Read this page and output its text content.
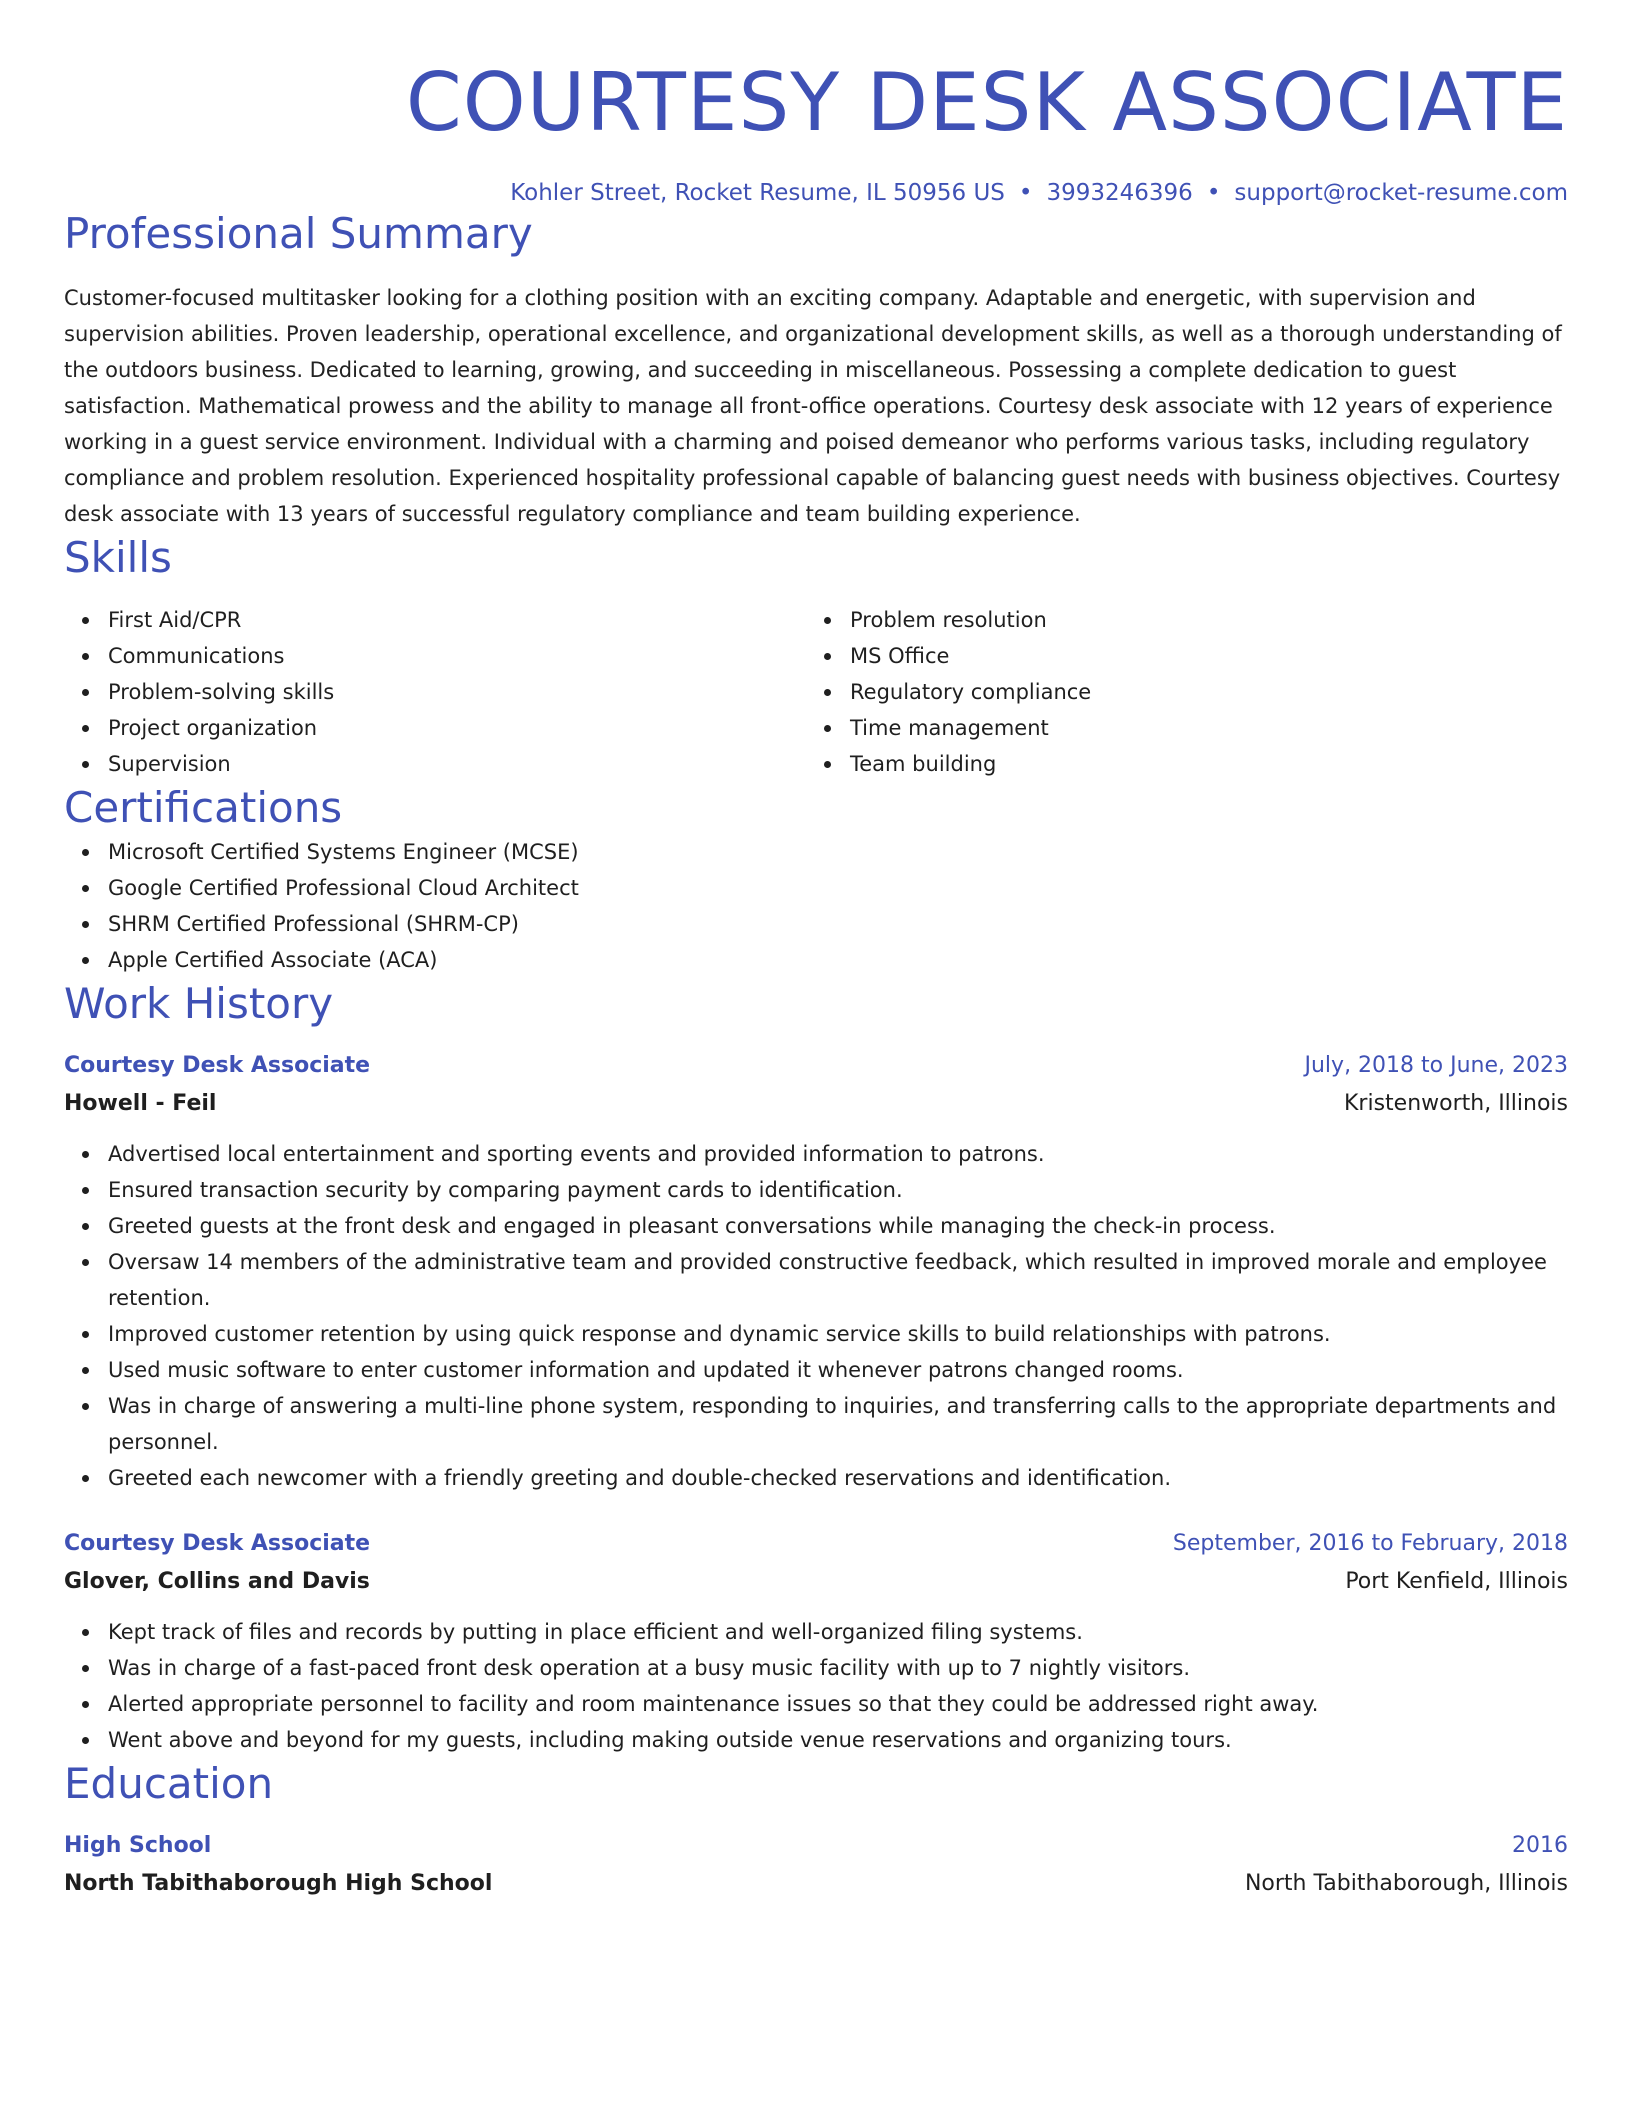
COURTESY DESK ASSOCIATE
Kohler Street, Rocket Resume, IL 50956 US • 3993246396 • support@rocket-resume.com
Professional Summary
Customer-focused multitasker looking for a clothing position with an exciting company. Adaptable and energetic, with supervision and supervision abilities. Proven leadership, operational excellence, and organizational development skills, as well as a thorough understanding of the outdoors business. Dedicated to learning, growing, and succeeding in miscellaneous. Possessing a complete dedication to guest satisfaction. Mathematical prowess and the ability to manage all front-office operations. Courtesy desk associate with 12 years of experience working in a guest service environment. Individual with a charming and poised demeanor who performs various tasks, including regulatory compliance and problem resolution. Experienced hospitality professional capable of balancing guest needs with business objectives. Courtesy desk associate with 13 years of successful regulatory compliance and team building experience.
Skills
First Aid/CPR
Communications
Problem-solving skills
Project organization
Supervision
Problem resolution
MS Office
Regulatory compliance
Time management
Team building
Certifications
Microsoft Certified Systems Engineer (MCSE)
Google Certified Professional Cloud Architect
SHRM Certified Professional (SHRM-CP)
Apple Certified Associate (ACA)
Work History
Courtesy Desk Associate	July, 2018 to June, 2023
Howell - Feil	Kristenworth, Illinois
Advertised local entertainment and sporting events and provided information to patrons.
Ensured transaction security by comparing payment cards to identification.
Greeted guests at the front desk and engaged in pleasant conversations while managing the check-in process.
Oversaw 14 members of the administrative team and provided constructive feedback, which resulted in improved morale and employee retention.
Improved customer retention by using quick response and dynamic service skills to build relationships with patrons.
Used music software to enter customer information and updated it whenever patrons changed rooms.
Was in charge of answering a multi-line phone system, responding to inquiries, and transferring calls to the appropriate departments and personnel.
Greeted each newcomer with a friendly greeting and double-checked reservations and identification.
Courtesy Desk Associate	September, 2016 to February, 2018
Glover, Collins and Davis	Port Kenfield, Illinois
Kept track of files and records by putting in place efficient and well-organized filing systems.
Was in charge of a fast-paced front desk operation at a busy music facility with up to 7 nightly visitors.
Alerted appropriate personnel to facility and room maintenance issues so that they could be addressed right away.
Went above and beyond for my guests, including making outside venue reservations and organizing tours.
Education
High School	2016
North Tabithaborough High School	North Tabithaborough, Illinois
